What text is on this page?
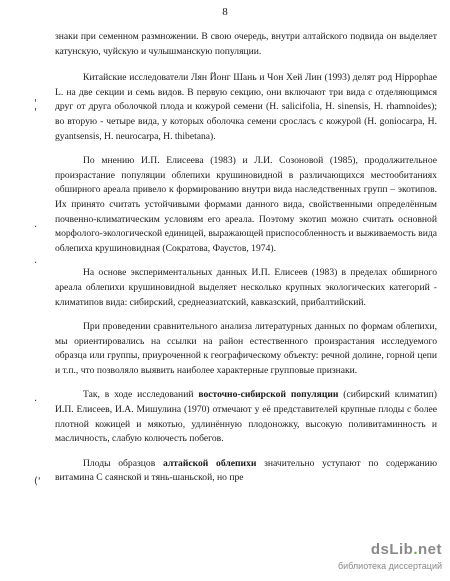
8
'
'
·
·
·
('

знаки при семенном размножении. В свою очередь, внутри алтайского подвида он выделяет катунскую, чуйскую и чулышманскую популяции.

Китайские исследователи Лян Йонг Шань и Чон Хей Лин (1993) делят род Hippophae L. на две секции и семь видов. В первую секцию, они включают три вида с отделяющимся друг от друга оболочкой плода и кожурой семени (H. salicifolia, H. sinensis, H. rhamnoides); во вторую - четыре вида, у которых оболочка семени сросласъ с кожурой (H. goniocarpa, H. gyantsensis, H. neurocarpa, H. thibetana).

По мнению И.П. Елисеева (1983) и Л.И. Созоновой (1985), продолжительное произрастание популяции облепихи крушиновидной в различающихся местообитаниях обширного ареала привело к формированию внутри вида наследственных групп – экотипов. Их принято считать устойчивыми формами данного вида, свойственными определённым почвенно-климатическим условиям его ареала. Поэтому экотип можно считать основной морфолого-экологической единицей, выражающей приспособленность и выживаемость вида облепиха крушиновидная (Сократова, Фаустов, 1974).

На основе экспериментальных данных И.П. Елисеев (1983) в пределах обширного ареала облепихи крушиновидной выделяет несколько крупных экологических категорий - климатипов вида: сибирский, среднеазиатский, кавказский, прибалтийский.

При проведении сравнительного анализа литературных данных по формам облепихи, мы ориентировались на ссылки на район естественного произрастания исследуемого образца или группы, приуроченной к географическому объекту: речной долине, горной цепи и т.п., что позволяло выявить наиболее характерные групповые признаки.

Так, в ходе исследований восточно-сибирской популяции (сибирский климатип) И.П. Елисеев, И.А. Мишулина (1970) отмечают у её представителей крупные плоды с более плотной кожицей и мякотью, удлинённую плодоножку, высокую поливитаминность и масличность, слабую колючесть побегов.

Плоды образцов алтайской облепихи значительно уступают по содержанию витамина С саянской и тянь-шаньской, но пре

dsLib.net
библиотека диссертаций
